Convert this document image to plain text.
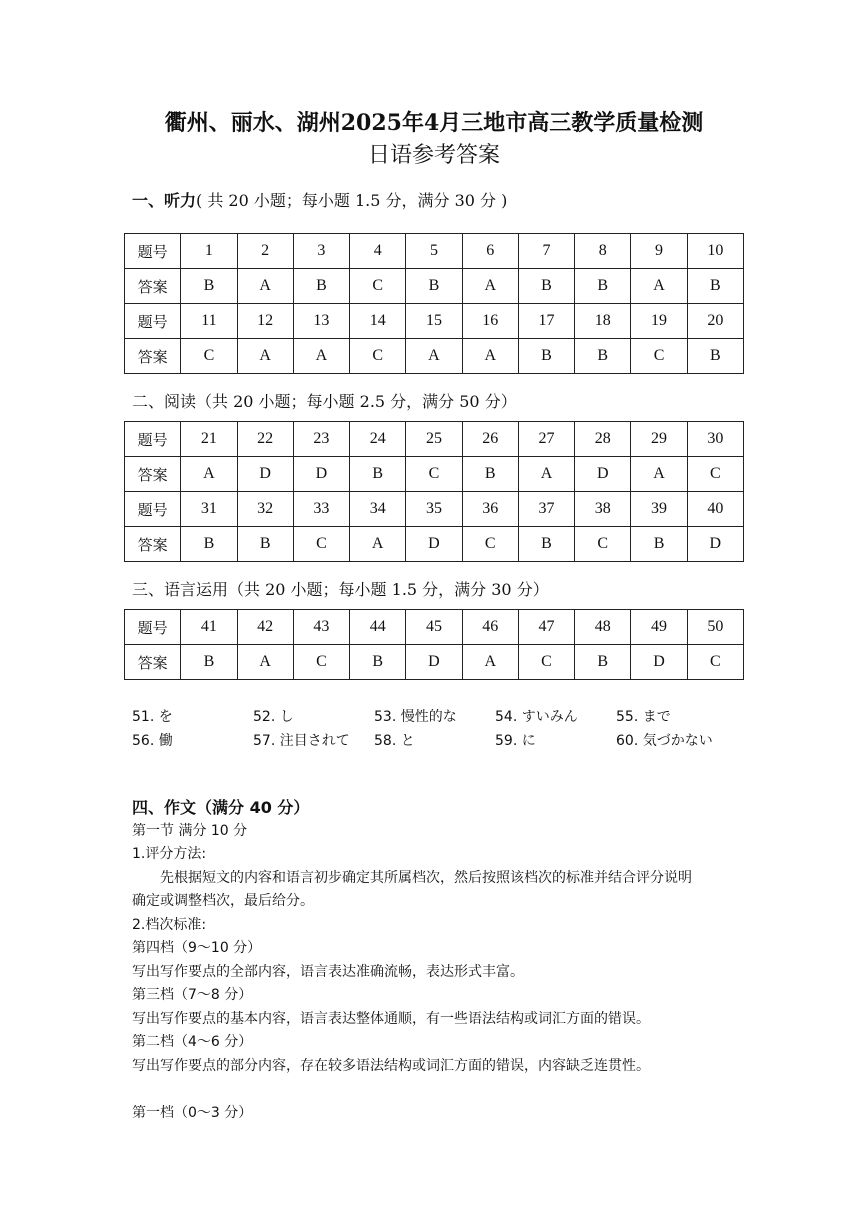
衢州、丽水、湖州2025年4月三地市高三教学质量检测
日语参考答案
一、听力( 共 20 小题；每小题 1.5 分，满分 30 分 )
题号	1	2	3	4	5	6	7	8	9	10
答案	B	A	B	C	B	A	B	B	A	B
题号	11	12	13	14	15	16	17	18	19	20
答案	C	A	A	C	A	A	B	B	C	B
二、阅读（共 20 小题；每小题 2.5 分，满分 50 分）
题号	21	22	23	24	25	26	27	28	29	30
答案	A	D	D	B	C	B	A	D	A	C
题号	31	32	33	34	35	36	37	38	39	40
答案	B	B	C	A	D	C	B	C	B	D
三、语言运用（共 20 小题；每小题 1.5 分，满分 30 分）
题号	41	42	43	44	45	46	47	48	49	50
答案	B	A	C	B	D	A	C	B	D	C
51. を	52. し	53. 慢性的な	54. すいみん	55. まで
56. 働	57. 注目されて	58. と	59. に	60. 気づかない
四、作文（满分 40 分）
第一节 满分 10 分
1.评分方法:
先根据短文的内容和语言初步确定其所属档次，然后按照该档次的标准并结合评分说明
确定或调整档次，最后给分。
2.档次标准:
第四档（9～10 分）
写出写作要点的全部内容，语言表达准确流畅，表达形式丰富。
第三档（7～8 分）
写出写作要点的基本内容，语言表达整体通顺，有一些语法结构或词汇方面的错误。
第二档（4～6 分）
写出写作要点的部分内容，存在较多语法结构或词汇方面的错误，内容缺乏连贯性。
第一档（0～3 分）
